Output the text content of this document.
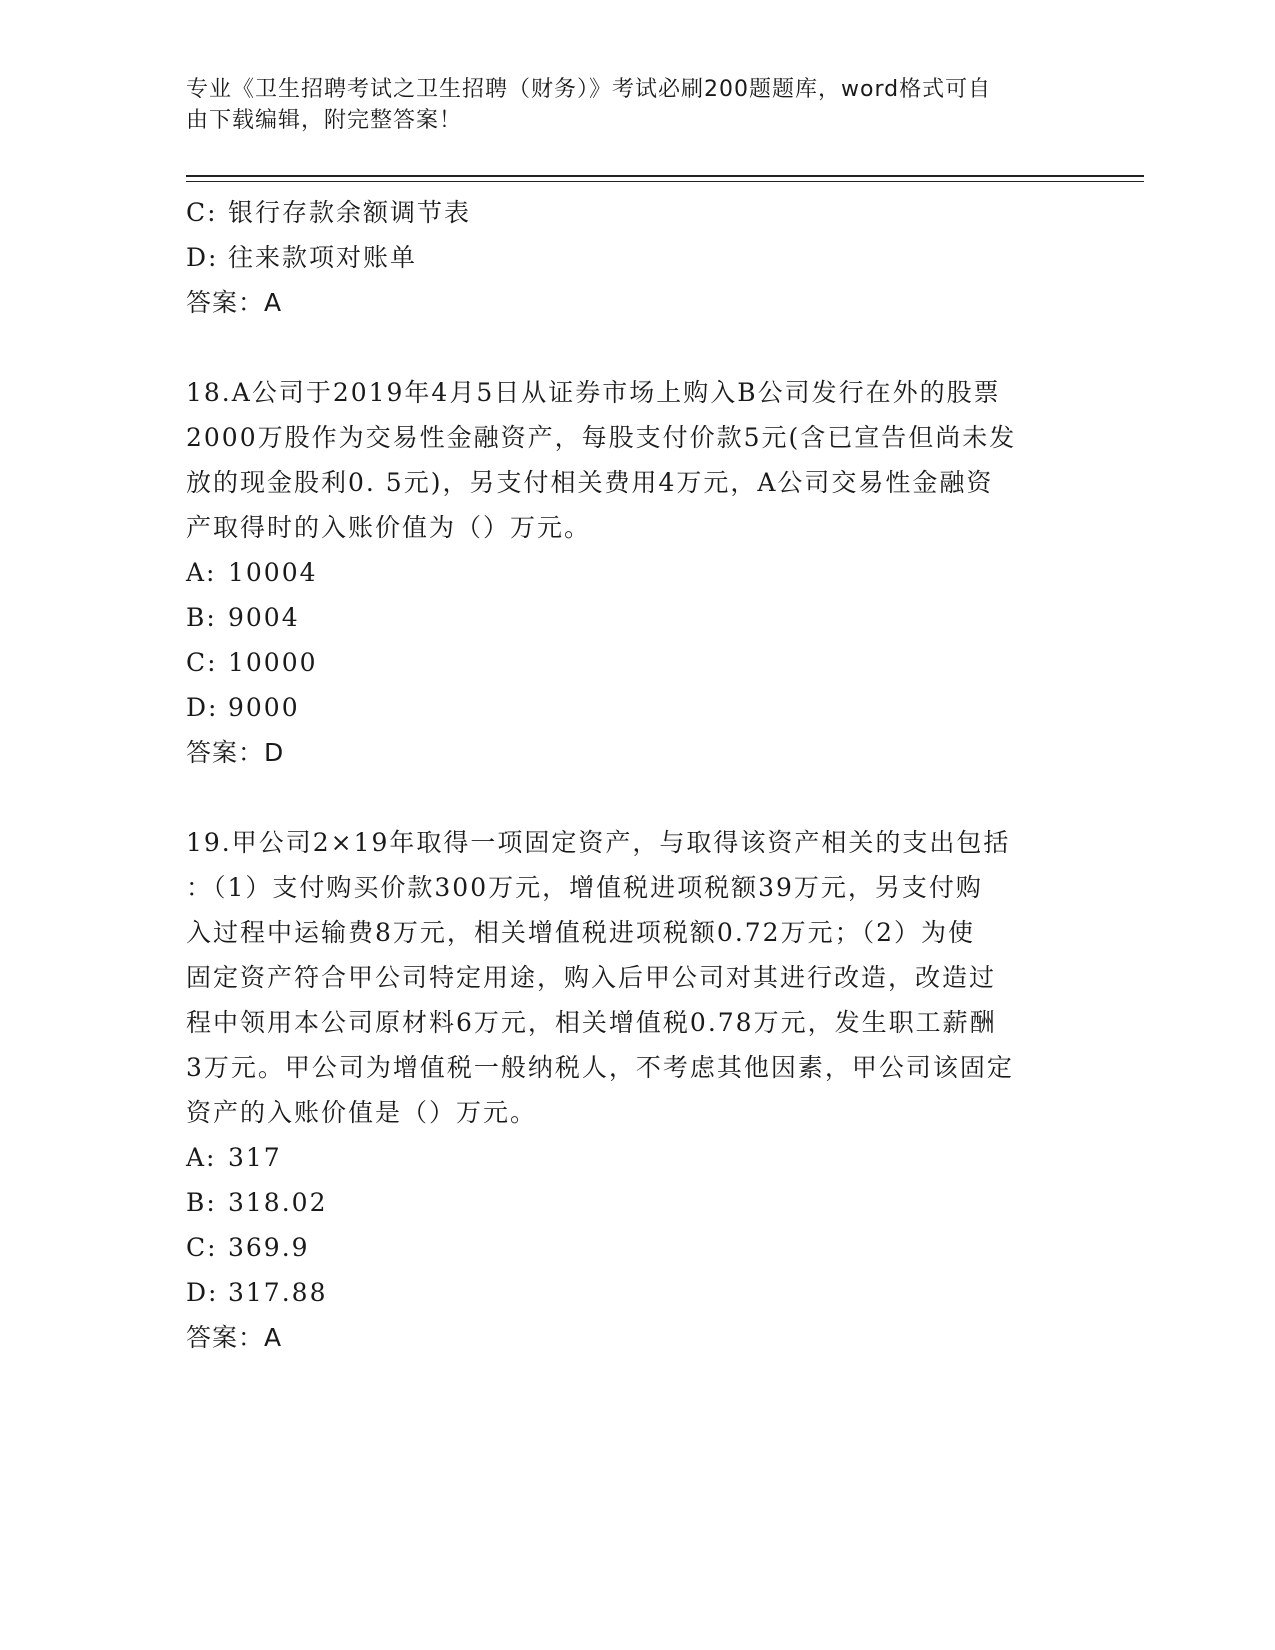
专业《卫生招聘考试之卫生招聘（财务）》考试必刷200题题库，word格式可自
由下载编辑，附完整答案！
C: 银行存款余额调节表
D: 往来款项对账单
答案：A
18.A公司于2019年4月5日从证券市场上购入B公司发行在外的股票
2000万股作为交易性金融资产，每股支付价款5元(含已宣告但尚未发
放的现金股利0. 5元)，另支付相关费用4万元，A公司交易性金融资
产取得时的入账价值为（）万元。
A: 10004
B: 9004
C: 10000
D: 9000
答案：D
19.甲公司2×19年取得一项固定资产，与取得该资产相关的支出包括
：（1）支付购买价款300万元，增值税进项税额39万元，另支付购
入过程中运输费8万元，相关增值税进项税额0.72万元；（2）为使
固定资产符合甲公司特定用途，购入后甲公司对其进行改造，改造过
程中领用本公司原材料6万元，相关增值税0.78万元，发生职工薪酬
3万元。甲公司为增值税一般纳税人，不考虑其他因素，甲公司该固定
资产的入账价值是（）万元。
A: 317
B: 318.02
C: 369.9
D: 317.88
答案：A
